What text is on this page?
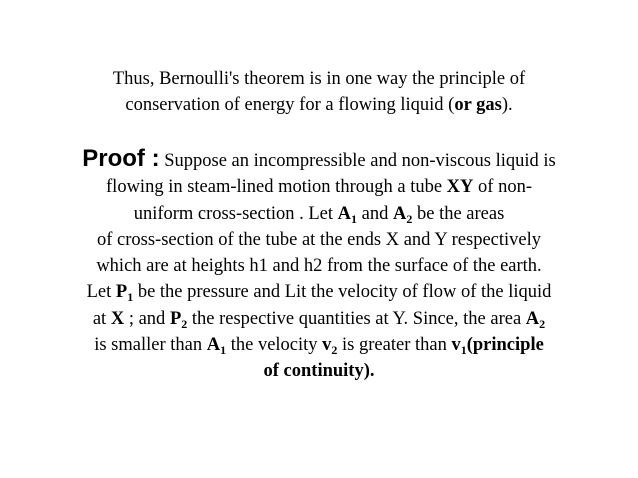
Thus, Bernoulli's theorem is in one way the principle of
conservation of energy for a flowing liquid (or gas).
Proof : Suppose an incompressible and non-viscous liquid is
flowing in steam-lined motion through a tube XY of non-
uniform cross-section . Let $A_1$ and $A_2$ be the areas
of cross-section of the tube at the ends X and Y respectively
which are at heights h1 and h2 from the surface of the earth.
Let $P_1$ be the pressure and Lit the velocity of flow of the liquid
at X ; and $P_2$ the respective quantities at Y. Since, the area $A_2$
is smaller than $A_1$ the velocity $v_2$ is greater than $v_1(principle$
of continuity).
